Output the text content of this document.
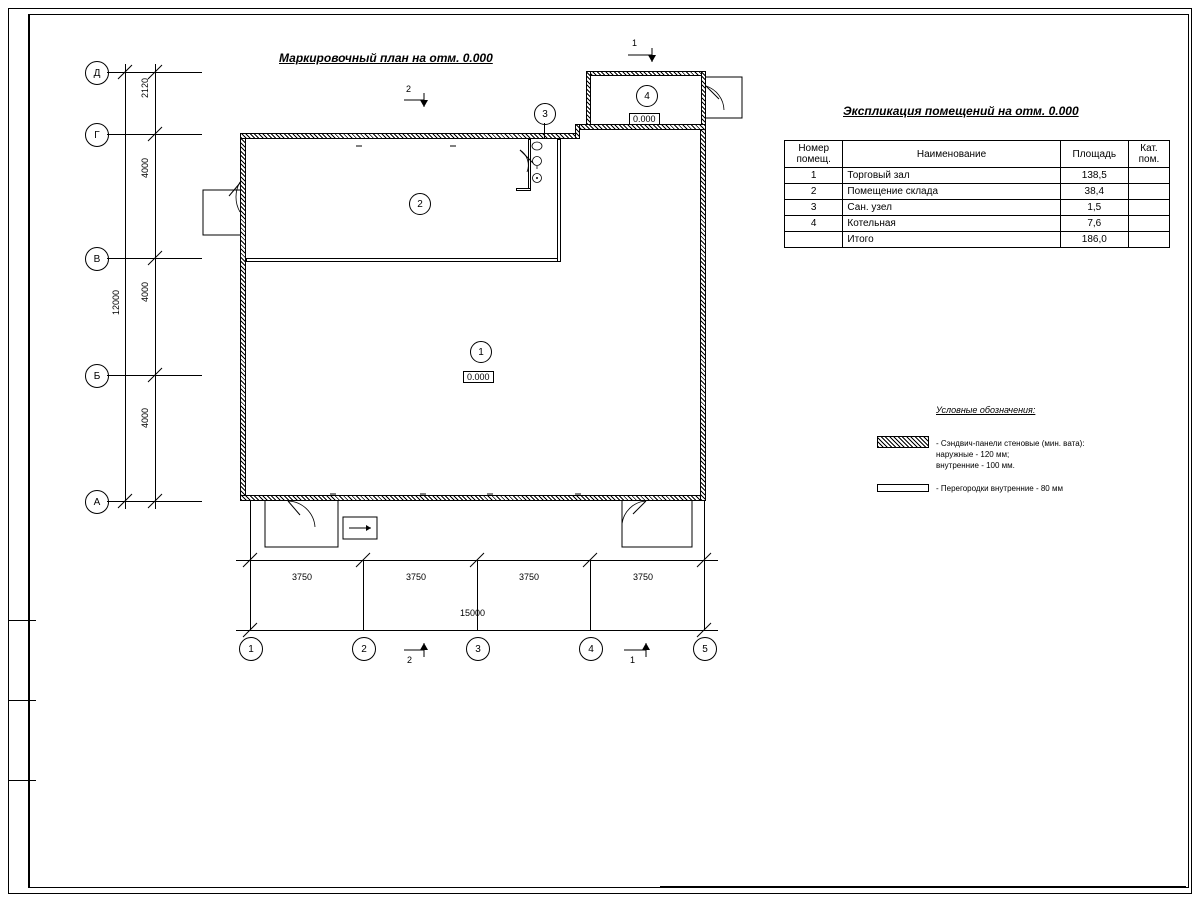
Маркировочный план на отм. 0.000
Экспликация помещений на отм. 0.000
1
0.000
2
3
4
0.000
Д
Г
В
Б
А
2120
4000
4000
4000
12000
3750	3750	3750	3750
15000
1	2	3	4	5
1
2
2	1
Номер
помещ.	Наименование	Площадь	Кат.
пом.
1	Торговый зал	138,5	
2	Помещение склада	38,4	
3	Сан. узел	1,5	
4	Котельная	7,6	
	Итого	186,0	
Условные обозначения:
- Сэндвич-панели стеновые (мин. вата):
наружные - 120 мм;
внутренние - 100 мм.
- Перегородки внутренние - 80 мм
